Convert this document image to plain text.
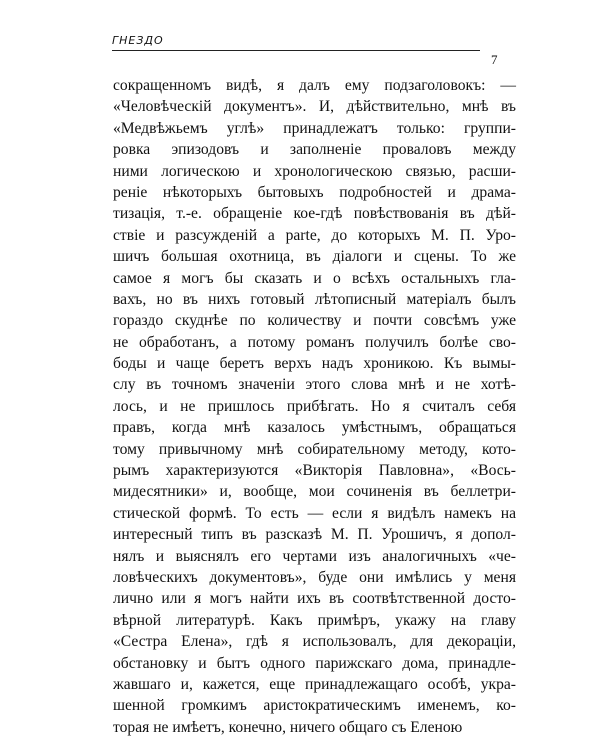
ГНЕЗДО
7
сокращенномъ видѣ, я далъ ему подзаголовокъ: —
«Человѣческій документъ». И, дѣйствительно, мнѣ въ
«Медвѣжьемъ углѣ» принадлежатъ только: группи-
ровка эпизодовъ и заполненіе проваловъ между
ними логическою и хронологическою связью, расши-
реніе нѣкоторыхъ бытовыхъ подробностей и драма-
тизація, т.-е. обращеніе кое-гдѣ повѣствованія въ дѣй-
ствіе и разсужденій а parte, до которыхъ М. П. Уро-
шичъ большая охотница, въ діалоги и сцены. То же
самое я могъ бы сказать и о всѣхъ остальныхъ гла-
вахъ, но въ нихъ готовый лѣтописный матеріалъ былъ
гораздо скуднѣе по количеству и почти совсѣмъ уже
не обработанъ, а потому романъ получилъ болѣе сво-
боды и чаще беретъ верхъ надъ хроникою. Къ вымы-
слу въ точномъ значеніи этого слова мнѣ и не хотѣ-
лось, и не пришлось прибѣгать. Но я считалъ себя
правъ, когда мнѣ казалось умѣстнымъ, обращаться
тому привычному мнѣ собирательному методу, кото-
рымъ характеризуются «Викторія Павловна», «Вось-
мидесятники» и, вообще, мои сочиненія въ беллетри-
стической формѣ. То есть — если я видѣлъ намекъ на
интересный типъ въ разсказѣ М. П. Урошичъ, я допол-
нялъ и выяснялъ его чертами изъ аналогичныхъ «че-
ловѣческихъ документовъ», буде они имѣлись у меня
лично или я могъ найти ихъ въ соотвѣтственной досто-
вѣрной литературѣ. Какъ примѣръ, укажу на главу
«Сестра Елена», гдѣ я использовалъ, для декораціи,
обстановку и бытъ одного парижскаго дома, принадле-
жавшаго и, кажется, еще принадлежащаго особѣ, укра-
шенной громкимъ аристократическимъ именемъ, ко-
торая не имѣетъ, конечно, ничего общаго съ Еленою
